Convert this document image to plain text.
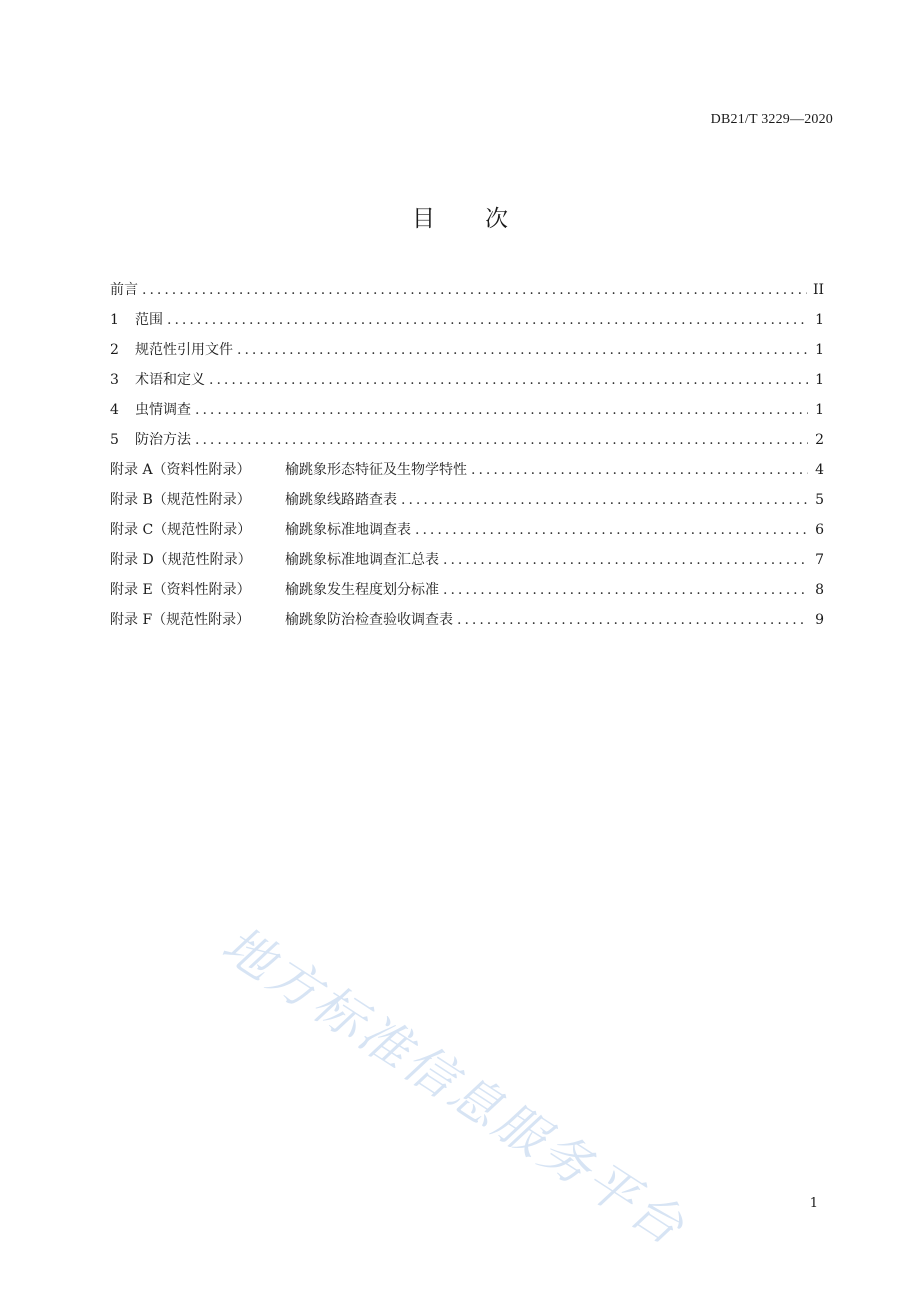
DB21/T 3229—2020
目 次
前言 .....	II
1 范围 .....	1
2 规范性引用文件 .....	1
3 术语和定义 .....	1
4 虫情调查 .....	1
5 防治方法 .....	2
附录 A（资料性附录） 榆跳象形态特征及生物学特性 .....	4
附录 B（规范性附录） 榆跳象线路踏查表 .....	5
附录 C（规范性附录） 榆跳象标准地调查表 .....	6
附录 D（规范性附录） 榆跳象标准地调查汇总表 .....	7
附录 E（资料性附录） 榆跳象发生程度划分标准 .....	8
附录 F（规范性附录） 榆跳象防治检查验收调查表 .....	9
地方标准信息服务平台	1
